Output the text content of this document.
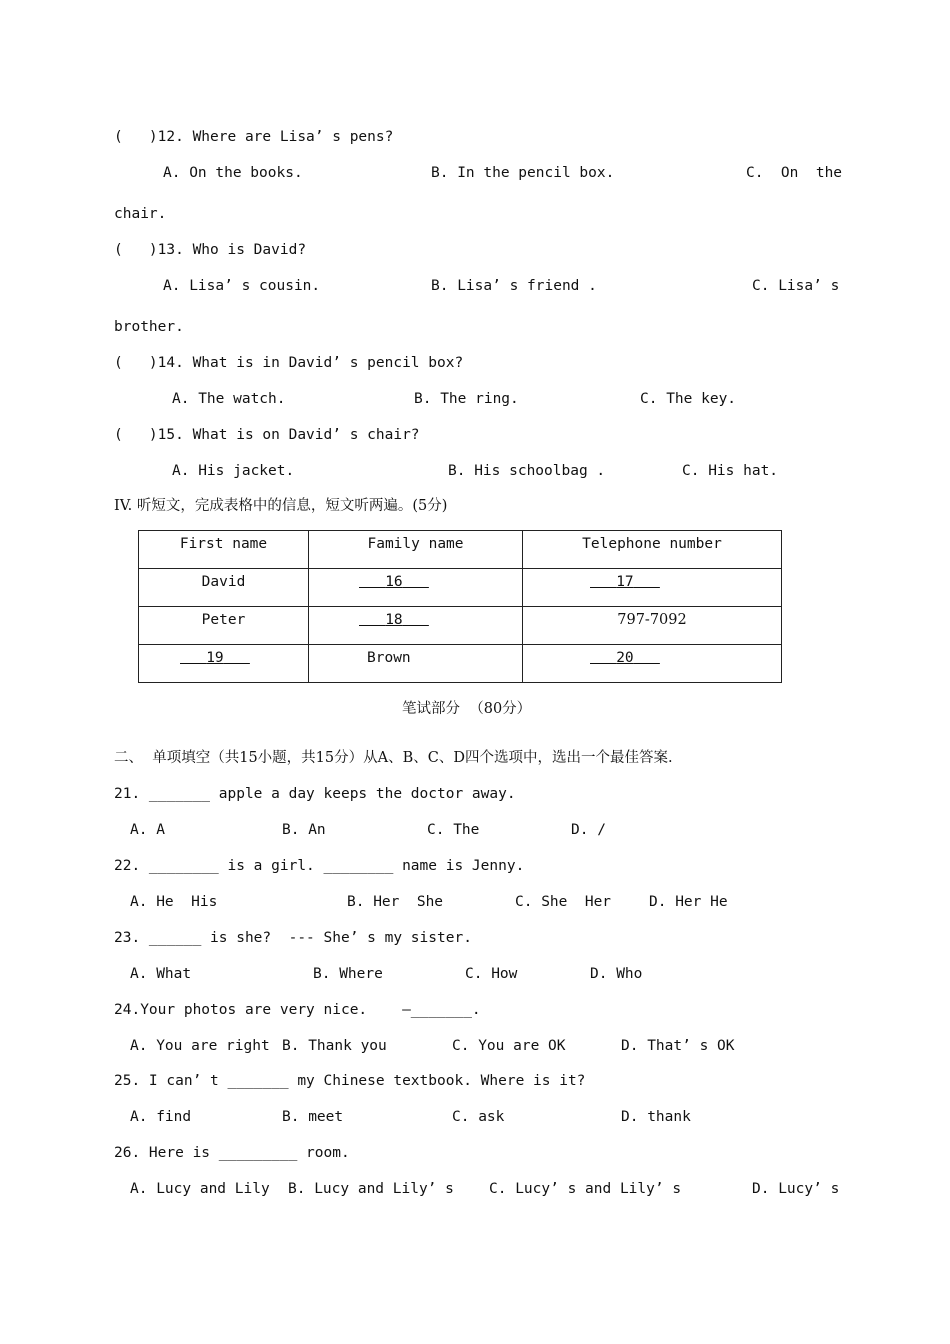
(   )12. Where are Lisa’ s pens?
A. On the books.	B. In the pencil box.	C.  On  the
chair.
(   )13. Who is David?
A. Lisa’ s cousin.	B. Lisa’ s friend .	C. Lisa’ s
brother.
(   )14. What is in David’ s pencil box?
A. The watch.	B. The ring.	C. The key.
(   )15. What is on David’ s chair?
A. His jacket.	B. His schoolbag .	C. His hat.
IV. 听短文，完成表格中的信息，短文听两遍。(5分)
First name	Family name	Telephone number
David	16	17
Peter	18	797-7092
19	Brown	20
笔试部分  （80分）
二、  单项填空（共15小题，共15分）从A、B、C、D四个选项中，选出一个最佳答案.
21. _______ apple a day keeps the doctor away.
A. A	B. An	C. The	D. /
22. ________ is a girl. ________ name is Jenny.
A. He  His	B. Her  She	C. She  Her	D. Her He
23. ______ is she?  --- She’ s my sister.
A. What	B. Where	C. How	D. Who
24.Your photos are very nice.    —_______.
A. You are right B. Thank you	C. You are OK	D. That’ s OK
25. I can’ t _______ my Chinese textbook. Where is it?
A. find	B. meet	C. ask	D. thank
26. Here is _________ room.
A. Lucy and Lily B. Lucy and Lily’ s C. Lucy’ s and Lily’ s	D. Lucy’ s
